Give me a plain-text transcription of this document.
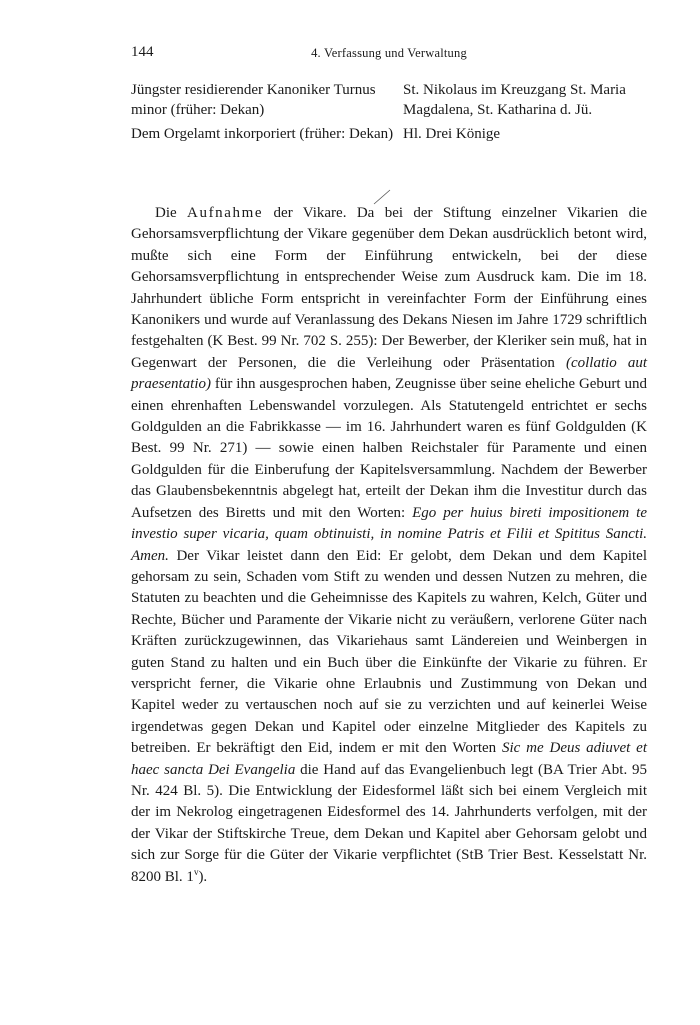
144	4. Verfassung und Verwaltung
Jüngster residierender Kanoniker Turnus minor (früher: Dekan)
St. Nikolaus im Kreuzgang St. Maria Magdalena, St. Katharina d. Jü.
Dem Orgelamt inkorporiert (früher: Dekan) Hl. Drei Könige

Die Aufnahme der Vikare. Da bei der Stiftung einzelner Vikarien die Gehorsamsverpflichtung der Vikare gegenüber dem Dekan ausdrücklich betont wird, mußte sich eine Form der Einführung entwickeln, bei der diese Gehorsamsverpflichtung in entsprechender Weise zum Ausdruck kam. Die im 18. Jahrhundert übliche Form entspricht in vereinfachter Form der Einführung eines Kanonikers und wurde auf Veranlassung des Dekans Niesen im Jahre 1729 schriftlich festgehalten (K Best. 99 Nr. 702 S. 255): Der Bewerber, der Kleriker sein muß, hat in Gegenwart der Personen, die die Verleihung oder Präsentation (collatio aut praesentatio) für ihn ausgesprochen haben, Zeugnisse über seine eheliche Geburt und einen ehrenhaften Lebenswandel vorzulegen. Als Statutengeld entrichtet er sechs Goldgulden an die Fabrikkasse — im 16. Jahrhundert waren es fünf Goldgulden (K Best. 99 Nr. 271) — sowie einen halben Reichstaler für Paramente und einen Goldgulden für die Einberufung der Kapitelsversammlung. Nachdem der Bewerber das Glaubensbekenntnis abgelegt hat, erteilt der Dekan ihm die Investitur durch das Aufsetzen des Biretts und mit den Worten: Ego per huius bireti impositionem te investio super vicaria, quam obtinuisti, in nomine Patris et Filii et Spititus Sancti. Amen. Der Vikar leistet dann den Eid: Er gelobt, dem Dekan und dem Kapitel gehorsam zu sein, Schaden vom Stift zu wenden und dessen Nutzen zu mehren, die Statuten zu beachten und die Geheimnisse des Kapitels zu wahren, Kelch, Güter und Rechte, Bücher und Paramente der Vikarie nicht zu veräußern, verlorene Güter nach Kräften zurückzugewinnen, das Vikariehaus samt Ländereien und Weinbergen in guten Stand zu halten und ein Buch über die Einkünfte der Vikarie zu führen. Er verspricht ferner, die Vikarie ohne Erlaubnis und Zustimmung von Dekan und Kapitel weder zu vertauschen noch auf sie zu verzichten und auf keinerlei Weise irgendetwas gegen Dekan und Kapitel oder einzelne Mitglieder des Kapitels zu betreiben. Er bekräftigt den Eid, indem er mit den Worten Sic me Deus adiuvet et haec sancta Dei Evangelia die Hand auf das Evangelienbuch legt (BA Trier Abt. 95 Nr. 424 Bl. 5). Die Entwicklung der Eidesformel läßt sich bei einem Vergleich mit der im Nekrolog eingetragenen Eidesformel des 14. Jahrhunderts verfolgen, mit der der Vikar der Stiftskirche Treue, dem Dekan und Kapitel aber Gehorsam gelobt und sich zur Sorge für die Güter der Vikarie verpflichtet (StB Trier Best. Kesselstatt Nr. 8200 Bl. 1$^v$).
